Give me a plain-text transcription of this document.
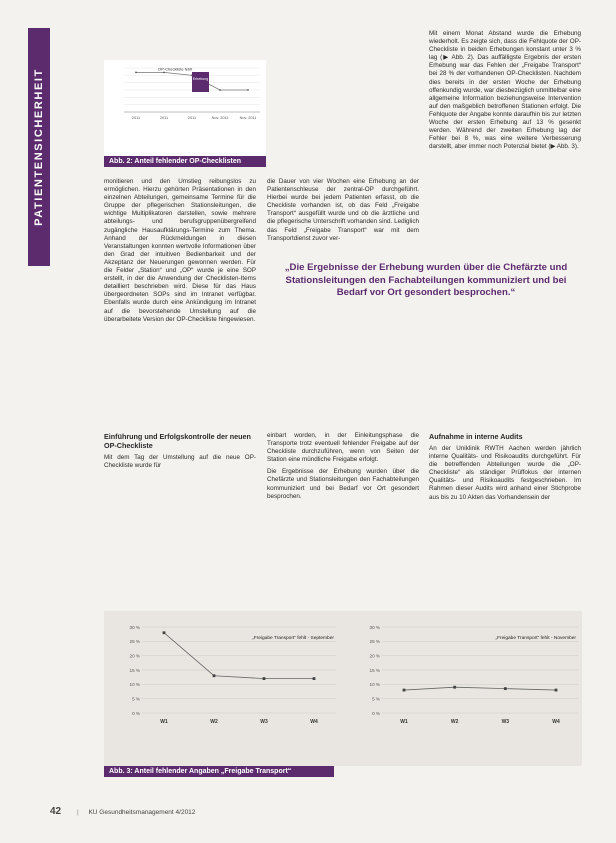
PATIENTENSICHERHEIT	2011	2011	2011	Nov. 2011	Nov. 2011
OP-Checkliste fehlt
Erhebung
Abb. 2: Anteil fehlender OP-Checklisten

monitieren und den Umstieg reibungslos zu ermöglichen. Hierzu gehörten Präsentationen in den einzelnen Abteilungen, gemeinsame Termine für die Gruppe der pflegerischen Stationsleitungen, die wichtige Multiplikatoren darstellen, sowie mehrere abteilungs- und berufsgruppenübergreifend zugängliche Hausaufklärungs-Termine zum Thema. Anhand der Rückmeldungen in diesen Veranstaltungen konnten wertvolle Informationen über den Grad der intuitiven Bedienbarkeit und der Akzeptanz der Neuerungen gewonnen werden. Für die Felder „Station“ und „OP“ wurde je eine SOP erstellt, in der die Anwendung der Checklisten-Items detailliert beschrieben wird. Diese für das Haus übergeordneten SOPs sind im Intranet verfügbar. Ebenfalls wurde durch eine Ankündigung im Intranet auf die bevorstehende Umstellung auf die überarbeitete Version der OP-Checkliste hingewiesen.

die Dauer von vier Wochen eine Erhebung an der Patientenschleuse der zentral-OP durchgeführt. Hierbei wurde bei jedem Patienten erfasst, ob die Checkliste vorhanden ist, ob das Feld „Freigabe Transport“ ausgefüllt wurde und ob die ärztliche und die pflegerische Unterschrift vorhanden sind. Lediglich das Feld „Freigabe Transport“ war mit dem Transportdienst zuvor ver-

Mit einem Monat Abstand wurde die Erhebung wiederholt. Es zeigte sich, dass die Fehlquote der OP-Checkliste in beiden Erhebungen konstant unter 3 % lag (▶ Abb. 2). Das auffälligste Ergebnis der ersten Erhebung war das Fehlen der „Freigabe Transport“ bei 28 % der vorhandenen OP-Checklisten. Nachdem dies bereits in der ersten Woche der Erhebung offenkundig wurde, war diesbezüglich unmittelbar eine allgemeine Information beziehungsweise Intervention auf den maßgeblich betroffenen Stationen erfolgt. Die Fehlquote der Angabe konnte daraufhin bis zur letzten Woche der ersten Erhebung auf 13 % gesenkt werden. Während der zweiten Erhebung lag der Fehler bei 8 %, was eine weitere Verbesserung darstellt, aber immer noch Potenzial bietet (▶ Abb. 3).

„Die Ergebnisse der Erhebung wurden über die Chefärzte und Stationsleitungen den Fachabteilungen kommuniziert und bei Bedarf vor Ort gesondert besprochen.“

Einführung und Erfolgskontrolle der neuen OP-Checkliste

Mit dem Tag der Umstellung auf die neue OP-Checkliste wurde für

einbart worden, in der Einleitungsphase die Transporte trotz eventuell fehlender Freigabe auf der Checkliste durchzuführen, wenn von Seiten der Station eine mündliche Freigabe erfolgt.

Die Ergebnisse der Erhebung wurden über die Chefärzte und Stationsleitungen den Fachabteilungen kommuniziert und bei Bedarf vor Ort gesondert besprochen.

Aufnahme in interne Audits

An der Uniklinik RWTH Aachen werden jährlich interne Qualitäts- und Risikoaudits durchgeführt. Für die betreffenden Abteilungen wurde die „OP-Checkliste“ als ständiger Prüffokus der internen Qualitäts- und Risikoaudits festgeschrieben. Im Rahmen dieser Audits wird anhand einer Stichprobe aus bis zu 10 Akten das Vorhandensein der

30 %
25 %
20 %
15 %
10 %
5 %
0 %
W1	W2	W3	W4
„Freigabe Transport“ fehlt - September
30 %
25 %
20 %
15 %
10 %
5 %
0 %
W1	W2	W3	W4
„Freigabe Transport“ fehlt - November
Abb. 3: Anteil fehlender Angaben „Freigabe Transport“
42 | KU Gesundheitsmanagement 4/2012
